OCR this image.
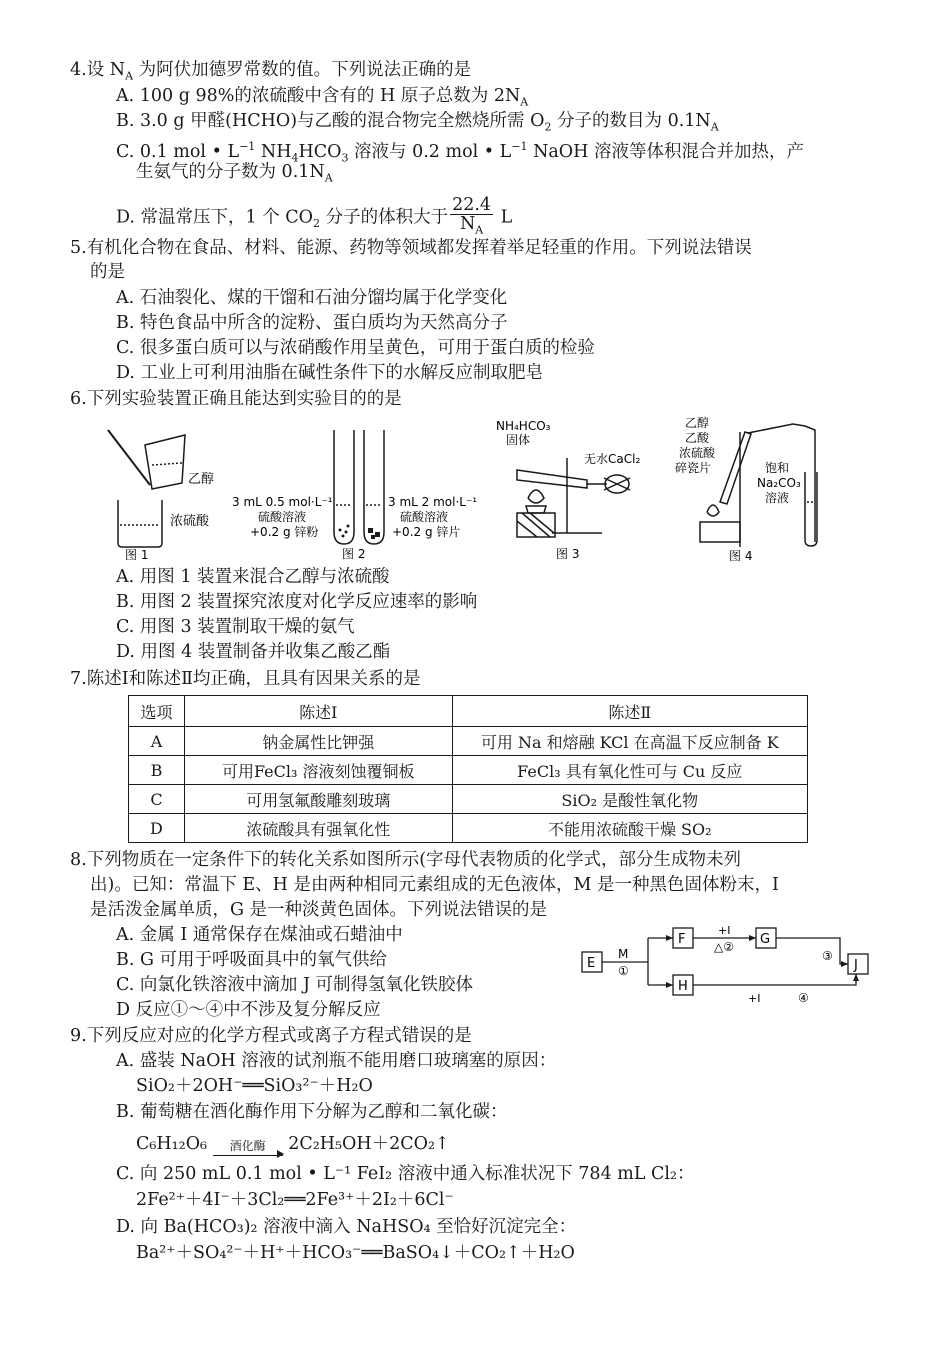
4.设 $N_A$ 为阿伏加德罗常数的值。下列说法正确的是
A. 100 g 98%的浓硫酸中含有的 H 原子总数为 $2N_A$
B. 3.0 g 甲醛(HCHO)与乙酸的混合物完全燃烧所需 $O_2$ 分子的数目为 $0.1N_A$
C. 0.1 mol • $L^{-1}$ $NH_4HCO_3$ 溶液与 0.2 mol • $L^{-1}$ NaOH 溶液等体积混合并加热，产
生氨气的分子数为 $0.1N_A$
D. 常温常压下，1 个 $CO_2$ 分子的体积大于 $\frac{22.4}{N_A}$ L
5.有机化合物在食品、材料、能源、药物等领域都发挥着举足轻重的作用。下列说法错误
的是
A. 石油裂化、煤的干馏和石油分馏均属于化学变化
B. 特色食品中所含的淀粉、蛋白质均为天然高分子
C. 很多蛋白质可以与浓硝酸作用呈黄色，可用于蛋白质的检验
D. 工业上可利用油脂在碱性条件下的水解反应制取肥皂
6.下列实验装置正确且能达到实验目的的是
乙醇
浓硫酸
图 1
3 mL 0.5 mol·L⁻¹
硫酸溶液
+0.2 g 锌粉
3 mL 2 mol·L⁻¹
硫酸溶液
+0.2 g 锌片
图 2
NH₄HCO₃
固体
无水CaCl₂
图 3
乙醇
乙酸
浓硫酸
碎瓷片	饱和
Na₂CO₃
溶液
图 4
A. 用图 1 装置来混合乙醇与浓硫酸
B. 用图 2 装置探究浓度对化学反应速率的影响
C. 用图 3 装置制取干燥的氨气
D. 用图 4 装置制备并收集乙酸乙酯
7.陈述Ⅰ和陈述Ⅱ均正确，且具有因果关系的是
选项	陈述Ⅰ	陈述Ⅱ
A	钠金属性比钾强	可用 Na 和熔融 KCl 在高温下反应制备 K
B	可用FeCl₃ 溶液刻蚀覆铜板	FeCl₃ 具有氧化性可与 Cu 反应
C	可用氢氟酸雕刻玻璃	SiO₂ 是酸性氧化物
D	浓硫酸具有强氧化性	不能用浓硫酸干燥 SO₂
8.下列物质在一定条件下的转化关系如图所示(字母代表物质的化学式，部分生成物未列
出)。已知：常温下 E、H 是由两种相同元素组成的无色液体，M 是一种黑色固体粉末，I
是活泼金属单质，G 是一种淡黄色固体。下列说法错误的是
A. 金属 I 通常保存在煤油或石蜡油中
B. G 可用于呼吸面具中的氧气供给
C. 向氯化铁溶液中滴加 J 可制得氢氧化铁胶体
D 反应①～④中不涉及复分解反应
E
F	G
H
J
M
①
+I
△②
③
+I	④
9.下列反应对应的化学方程式或离子方程式错误的是
A. 盛装 NaOH 溶液的试剂瓶不能用磨口玻璃塞的原因：
SiO₂＋2OH⁻══SiO₃²⁻＋H₂O
B. 葡萄糖在酒化酶作用下分解为乙醇和二氧化碳：
C₆H₁₂O₆	酒化酶	2C₂H₅OH＋2CO₂↑
C. 向 250 mL 0.1 mol • L⁻¹ FeI₂ 溶液中通入标准状况下 784 mL Cl₂：
2Fe²⁺＋4I⁻＋3Cl₂══2Fe³⁺＋2I₂＋6Cl⁻
D. 向 Ba(HCO₃)₂ 溶液中滴入 NaHSO₄ 至恰好沉淀完全：
Ba²⁺＋SO₄²⁻＋H⁺＋HCO₃⁻══BaSO₄↓＋CO₂↑＋H₂O
